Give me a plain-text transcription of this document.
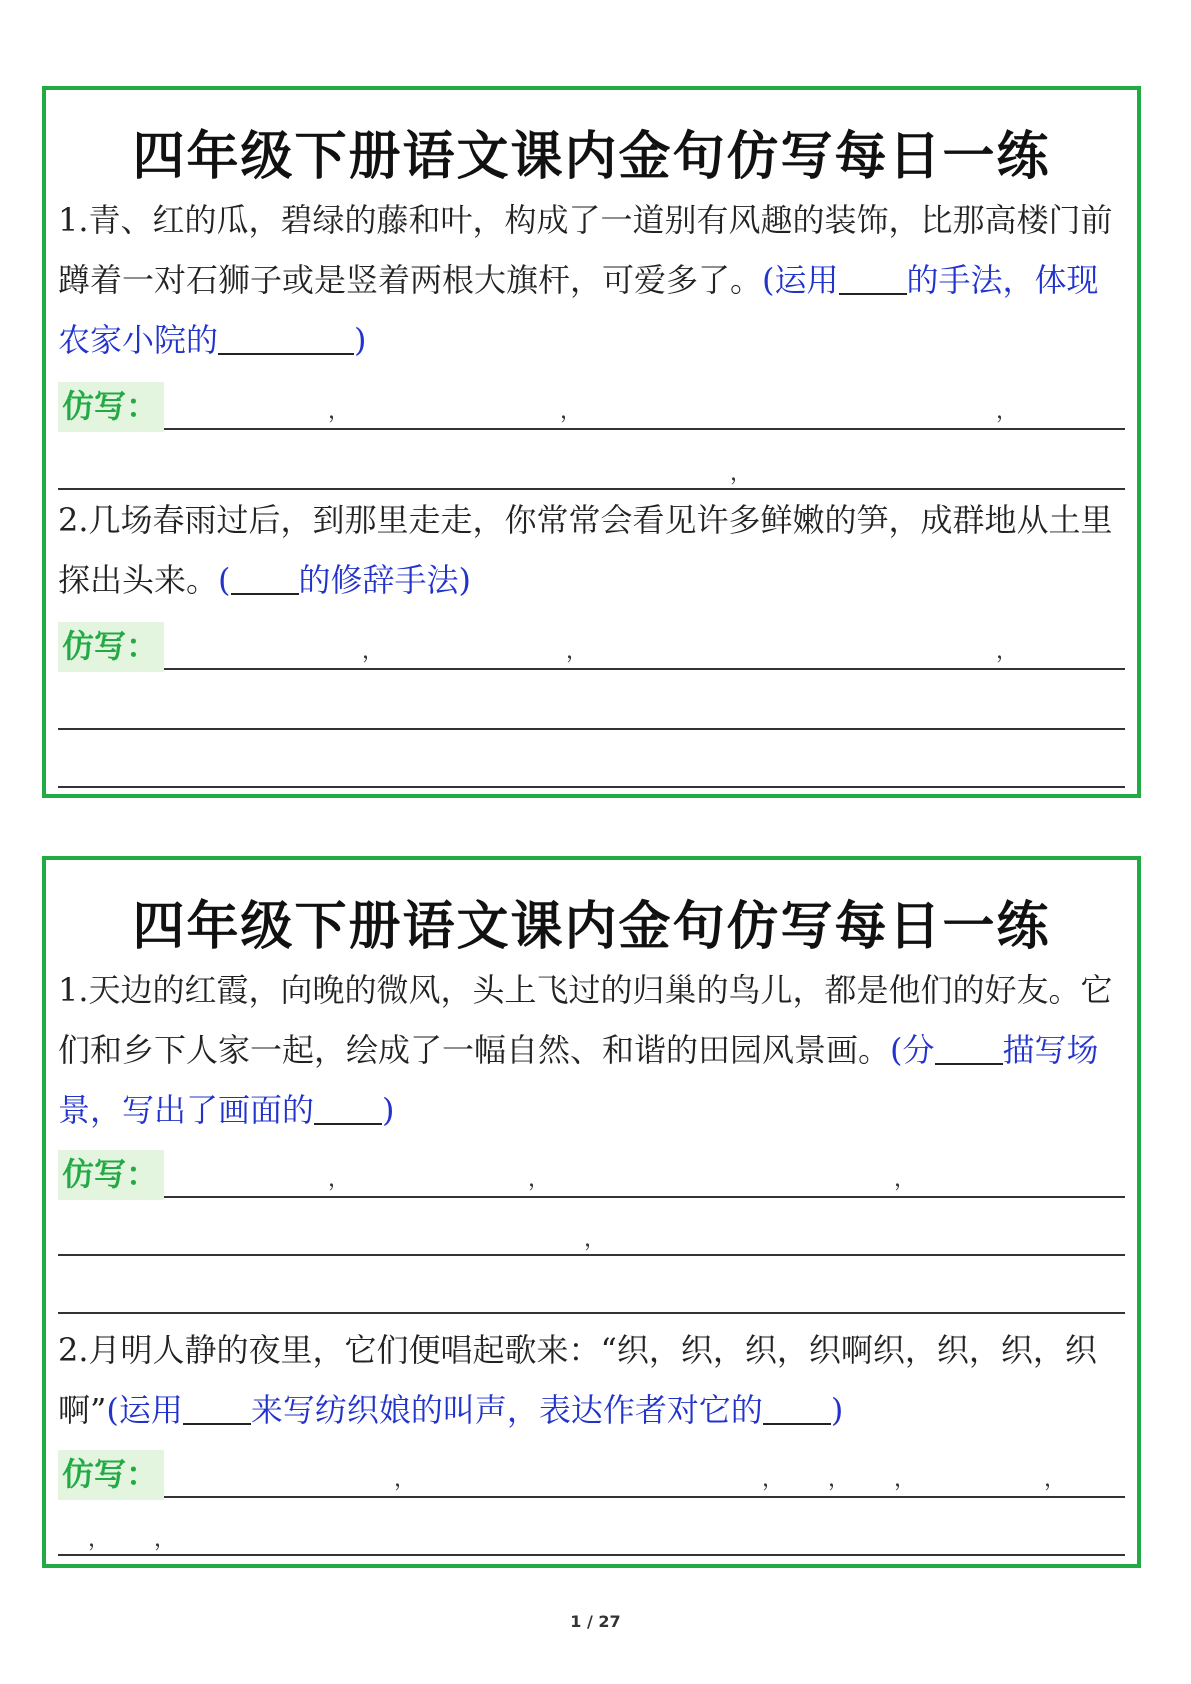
四年级下册语文课内金句仿写每日一练
1.青、红的瓜，碧绿的藤和叶，构成了一道别有风趣的装饰，比那高楼门前蹲着一对石狮子或是竖着两根大旗杆，可爱多了。(运用 的手法，体现农家小院的	)
仿写：	，	，	，
，
2.几场春雨过后，到那里走走，你常常会看见许多鲜嫩的笋，成群地从土里探出头来。( 的修辞手法)
仿写：	，	，	，
四年级下册语文课内金句仿写每日一练
1.天边的红霞，向晚的微风，头上飞过的归巢的鸟儿，都是他们的好友。它们和乡下人家一起，绘成了一幅自然、和谐的田园风景画。(分 描写场景，写出了画面的 )
仿写：	，	，	，
，
2.月明人静的夜里，它们便唱起歌来：“织，织，织，织啊织，织，织，织啊”(运用 来写纺织娘的叫声，表达作者对它的 )
仿写：	，	， ， ，	，
， ，
1 / 27
